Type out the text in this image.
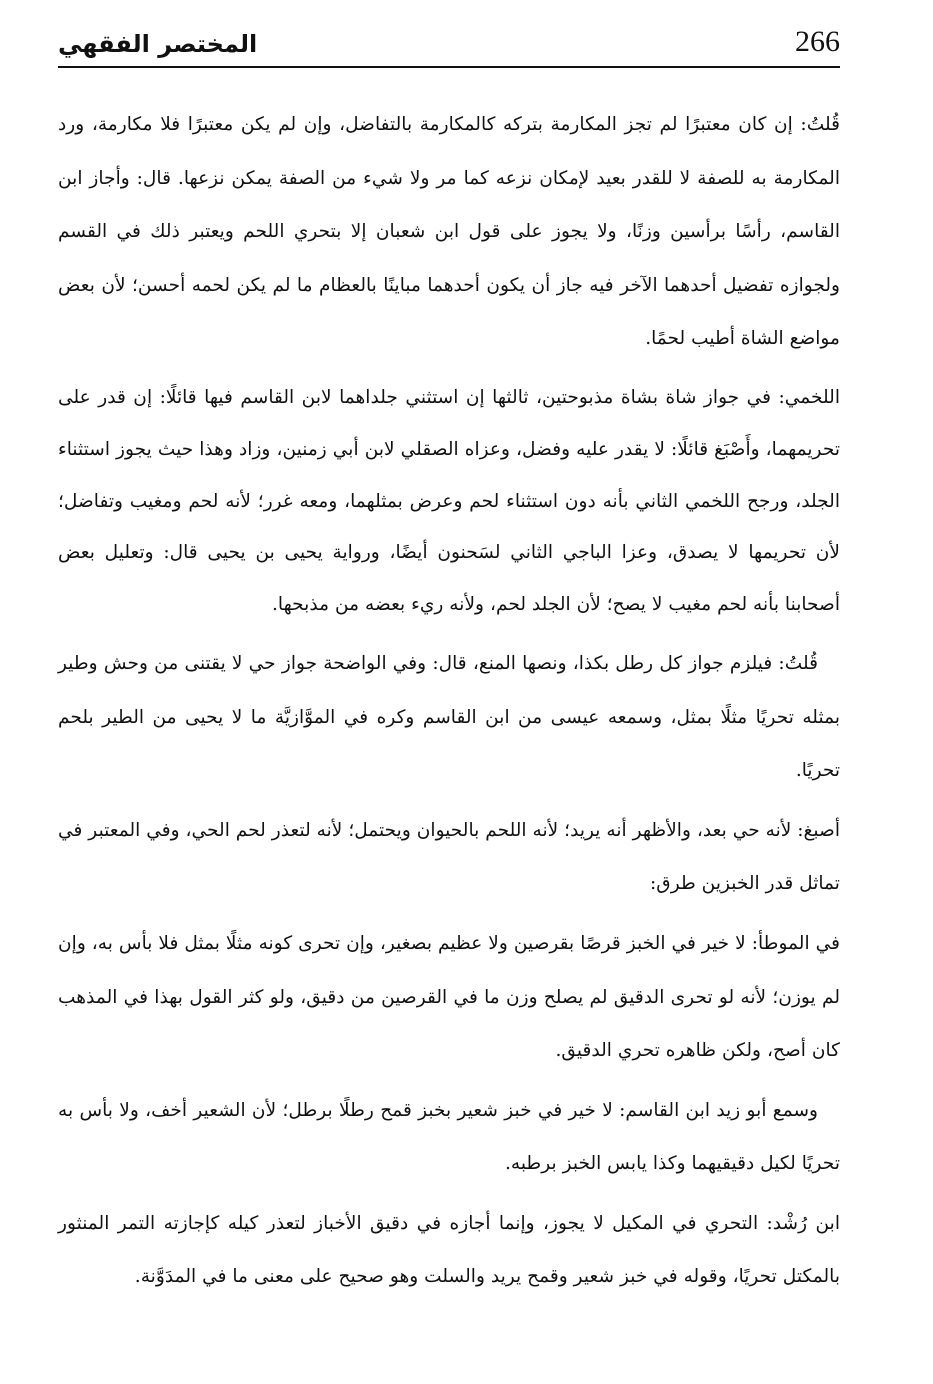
266
المختصر الفقهي

قُلتُ: إن كان معتبرًا لم تجز المكارمة بتركه كالمكارمة بالتفاضل، وإن لم يكن معتبرًا فلا مكارمة، ورد المكارمة به للصفة لا للقدر بعيد لإمكان نزعه كما مر ولا شيء من الصفة يمكن نزعها. قال: وأجاز ابن القاسم، رأسًا برأسين وزنًا، ولا يجوز على قول ابن شعبان إلا بتحري اللحم ويعتبر ذلك في القسم ولجوازه تفضيل أحدهما الآخر فيه جاز أن يكون أحدهما مباينًا بالعظام ما لم يكن لحمه أحسن؛ لأن بعض مواضع الشاة أطيب لحمًا.

اللخمي: في جواز شاة بشاة مذبوحتين، ثالثها إن استثني جلداهما لابن القاسم فيها قائلًا: إن قدر على تحريمهما، وأَصْبَغ قائلًا: لا يقدر عليه وفضل، وعزاه الصقلي لابن أبي زمنين، وزاد وهذا حيث يجوز استثناء الجلد، ورجح اللخمي الثاني بأنه دون استثناء لحم وعرض بمثلهما، ومعه غرر؛ لأنه لحم ومغيب وتفاضل؛ لأن تحريمها لا يصدق، وعزا الباجي الثاني لسَحنون أيضًا، ورواية يحيى بن يحيى قال: وتعليل بعض أصحابنا بأنه لحم مغيب لا يصح؛ لأن الجلد لحم، ولأنه ريء بعضه من مذبحها.

قُلتُ: فيلزم جواز كل رطل بكذا، ونصها المنع، قال: وفي الواضحة جواز حي لا يقتنى من وحش وطير بمثله تحريًا مثلًا بمثل، وسمعه عيسى من ابن القاسم وكره في الموَّازيَّة ما لا يحيى من الطير بلحم تحريًا.

أصبغ: لأنه حي بعد، والأظهر أنه يريد؛ لأنه اللحم بالحيوان ويحتمل؛ لأنه لتعذر لحم الحي، وفي المعتبر في تماثل قدر الخبزين طرق:

في الموطأ: لا خير في الخبز قرصًا بقرصين ولا عظيم بصغير، وإن تحرى كونه مثلًا بمثل فلا بأس به، وإن لم يوزن؛ لأنه لو تحرى الدقيق لم يصلح وزن ما في القرصين من دقيق، ولو كثر القول بهذا في المذهب كان أصح، ولكن ظاهره تحري الدقيق.

وسمع أبو زيد ابن القاسم: لا خير في خبز شعير بخبز قمح رطلًا برطل؛ لأن الشعير أخف، ولا بأس به تحريًا لكيل دقيقيهما وكذا يابس الخبز برطبه.

ابن رُشْد: التحري في المكيل لا يجوز، وإنما أجازه في دقيق الأخباز لتعذر كيله كإجازته التمر المنثور بالمكتل تحريًا، وقوله في خبز شعير وقمح يريد والسلت وهو صحيح على معنى ما في المدَوَّنة.
